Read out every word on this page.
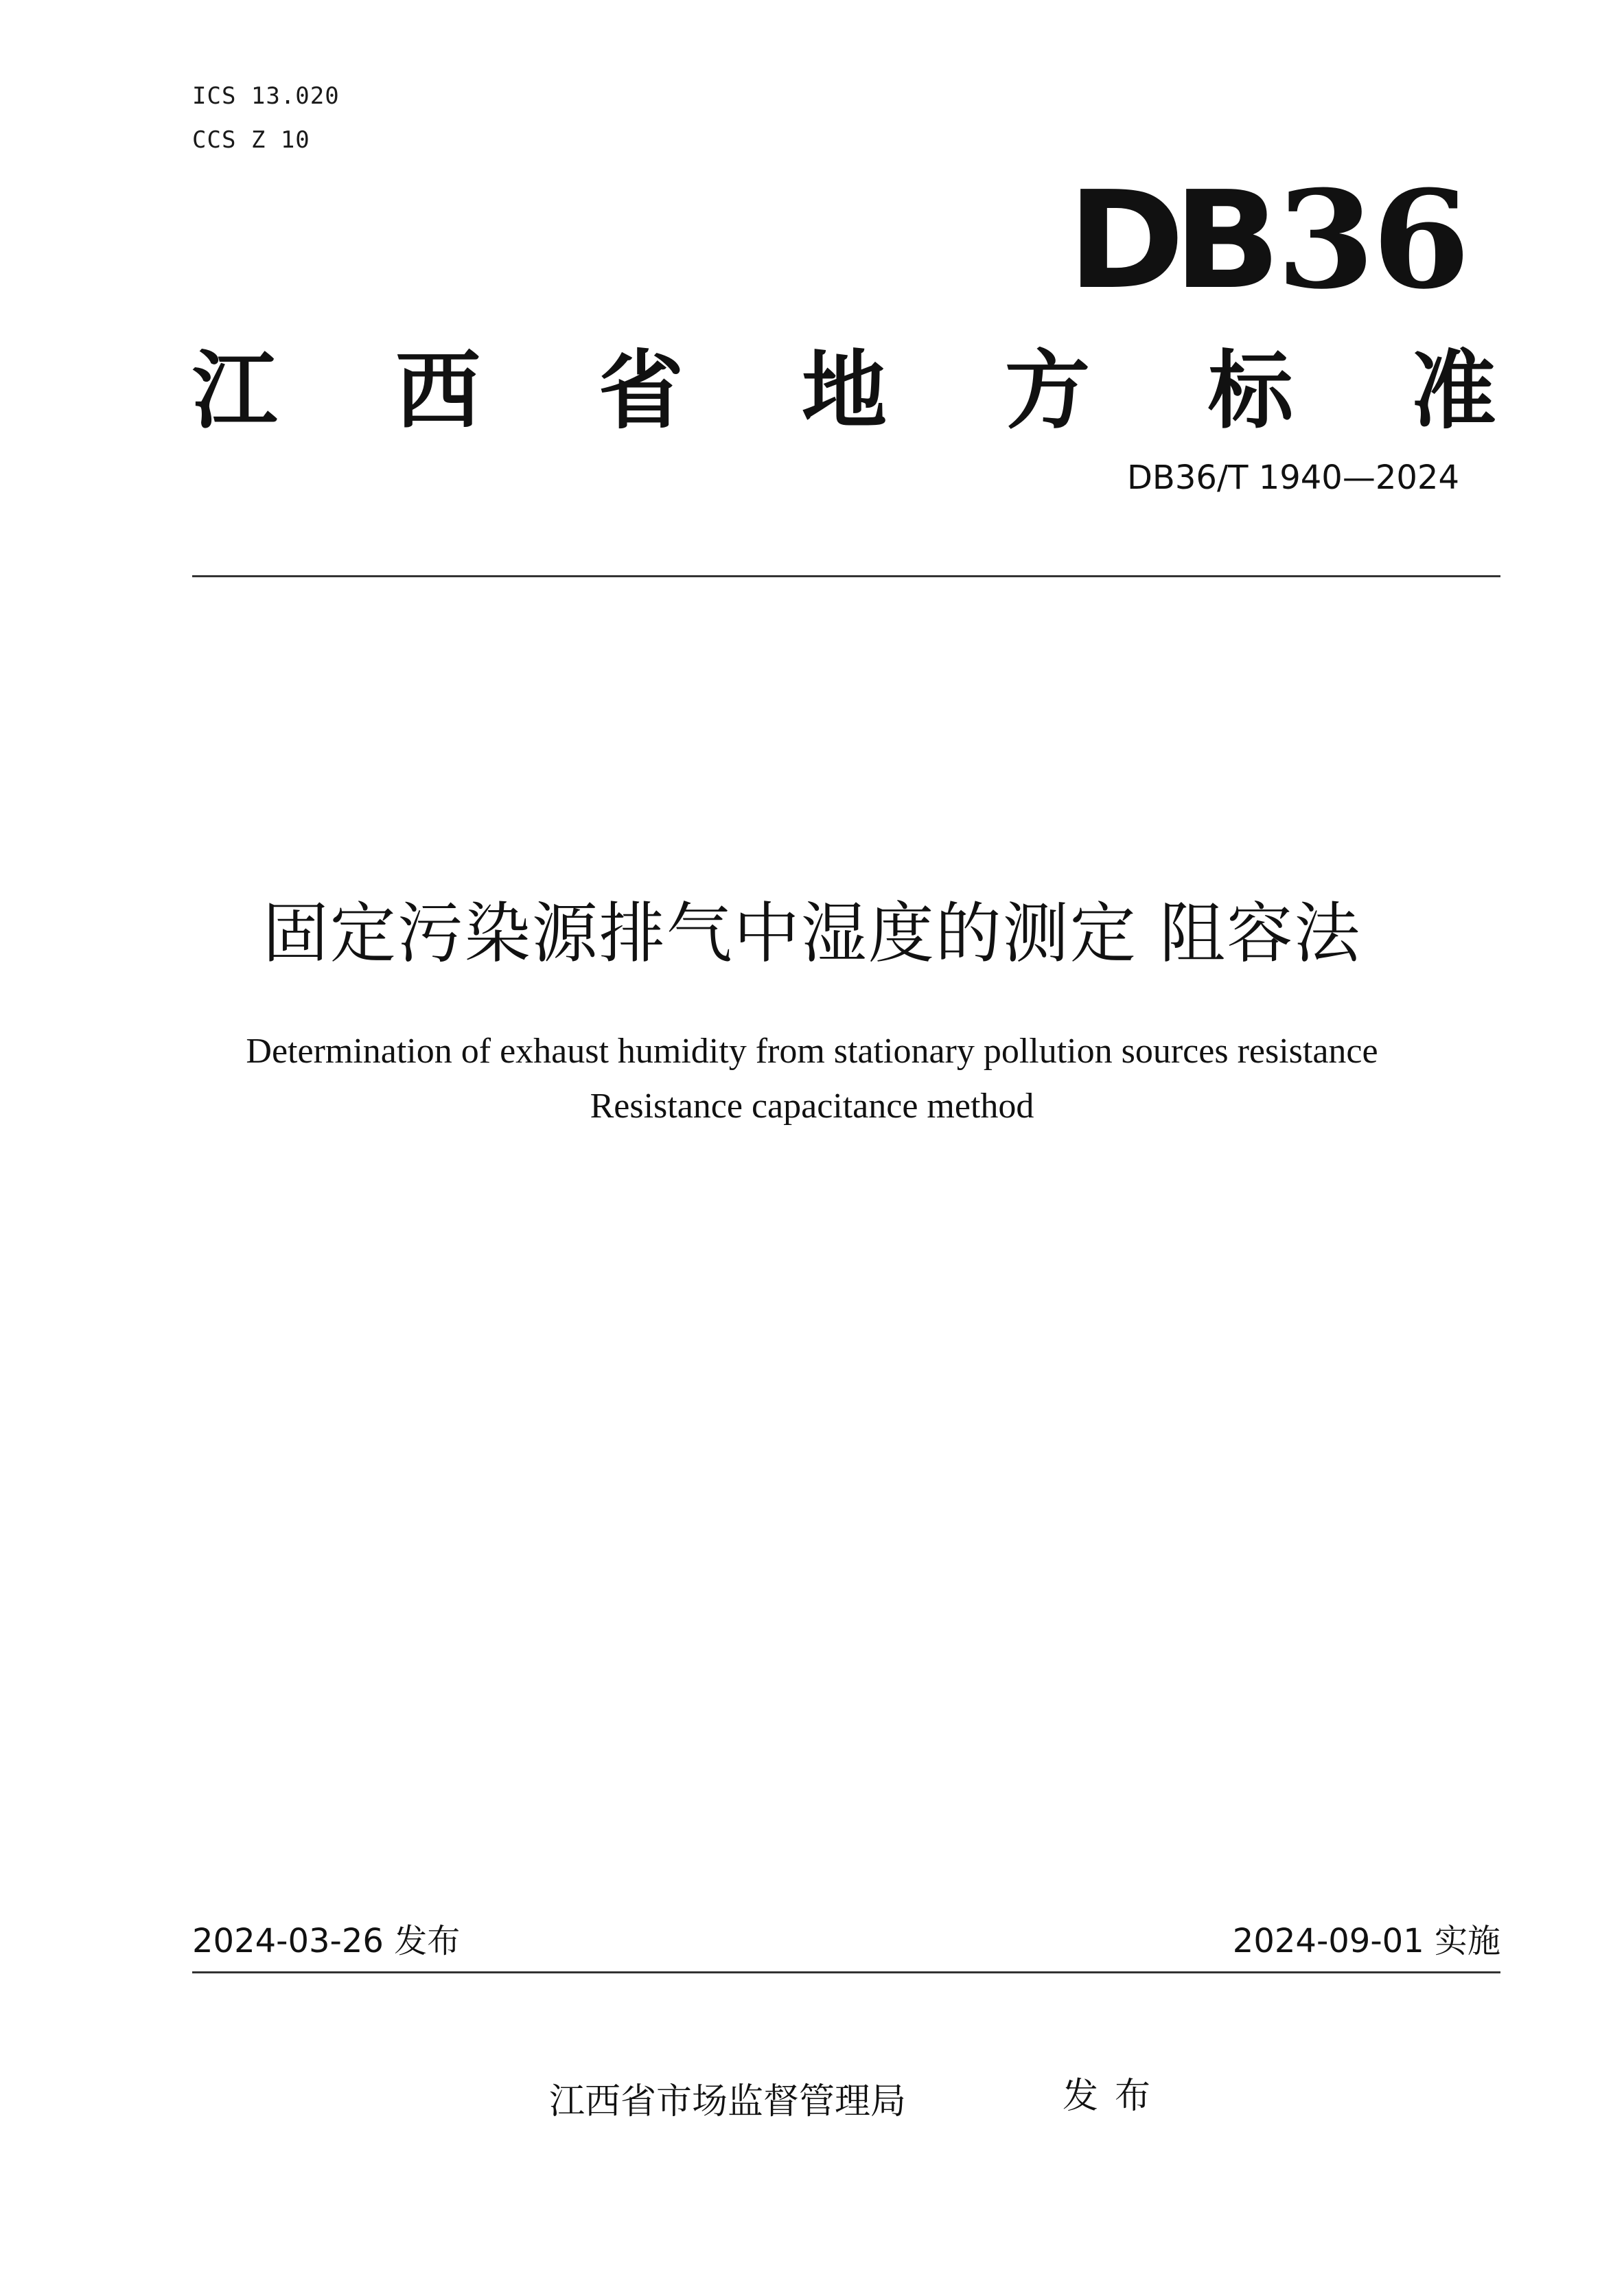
ICS 13.020
CCS Z 10
DB36
江 西 省 地 方 标 准
DB36/T 1940—2024
固定污染源排气中湿度的测定 阻容法
Determination of exhaust humidity from stationary pollution sources resistance
Resistance capacitance method
2024-03-26 发布	2024-09-01 实施
江西省市场监督管理局	发布
